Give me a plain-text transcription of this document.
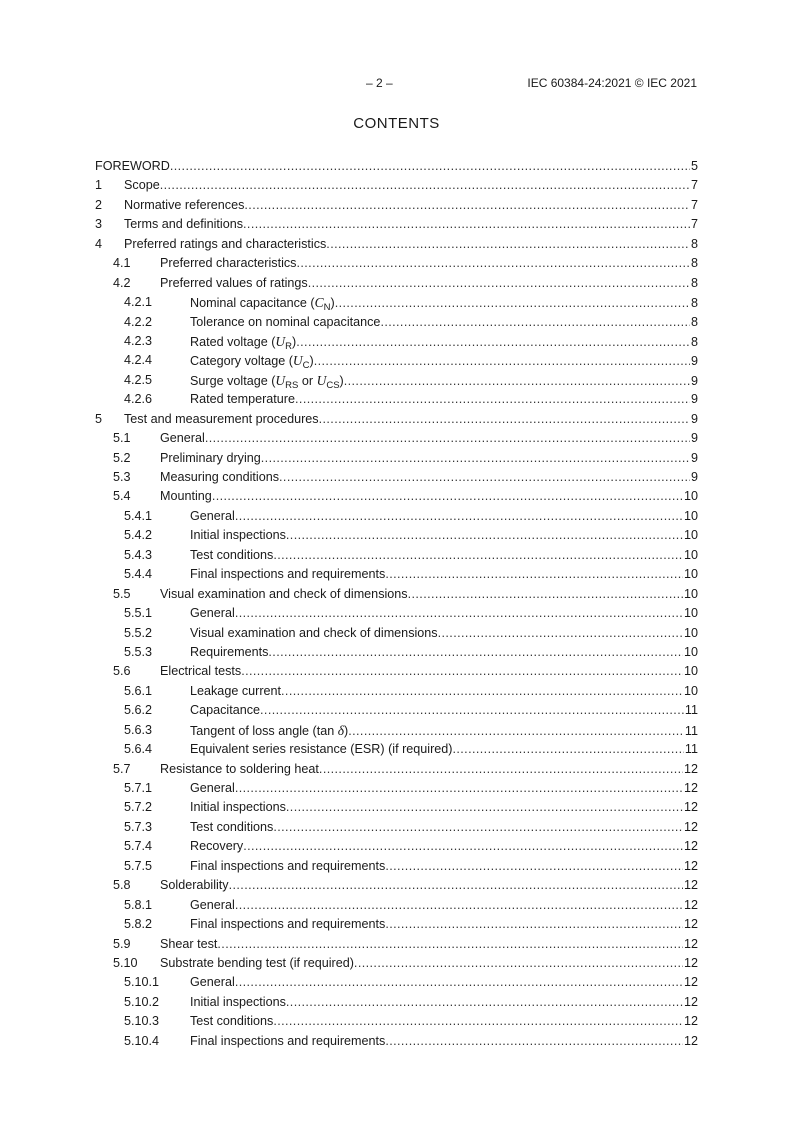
– 2 –	IEC 60384-24:2021 © IEC 2021
CONTENTS
FOREWORD .....	5
1 Scope .....	7
2 Normative references .....	7
3 Terms and definitions .....	7
4 Preferred ratings and characteristics .....	8
4.1 Preferred characteristics .....	8
4.2 Preferred values of ratings .....	8
4.2.1	Nominal capacitance $(C_N)$ .....	8
4.2.2	Tolerance on nominal capacitance .....	8
4.2.3	Rated voltage $(U_R)$ .....	8
4.2.4	Category voltage $(U_C)$ .....	9
4.2.5	Surge voltage ($U_{RS}$ or $U_{CS}$) .....	9
4.2.6	Rated temperature .....	9
5 Test and measurement procedures .....	9
5.1 General .....	9
5.2 Preliminary drying .....	9
5.3 Measuring conditions .....	9
5.4 Mounting .....	10
5.4.1	General .....	10
5.4.2	Initial inspections .....	10
5.4.3	Test conditions .....	10
5.4.4	Final inspections and requirements .....	10
5.5 Visual examination and check of dimensions .....	10
5.5.1	General .....	10
5.5.2	Visual examination and check of dimensions .....	10
5.5.3	Requirements .....	10
5.6 Electrical tests .....	10
5.6.1	Leakage current .....	10
5.6.2	Capacitance .....	11
5.6.3	Tangent of loss angle (tan δ) .....	11
5.6.4	Equivalent series resistance (ESR) (if required) .....	11
5.7 Resistance to soldering heat .....	12
5.7.1	General .....	12
5.7.2	Initial inspections .....	12
5.7.3	Test conditions .....	12
5.7.4	Recovery .....	12
5.7.5	Final inspections and requirements .....	12
5.8 Solderability .....	12
5.8.1	General .....	12
5.8.2	Final inspections and requirements .....	12
5.9 Shear test .....	12
5.10 Substrate bending test (if required) .....	12
5.10.1 General .....	12
5.10.2 Initial inspections .....	12
5.10.3 Test conditions .....	12
5.10.4 Final inspections and requirements .....	12
